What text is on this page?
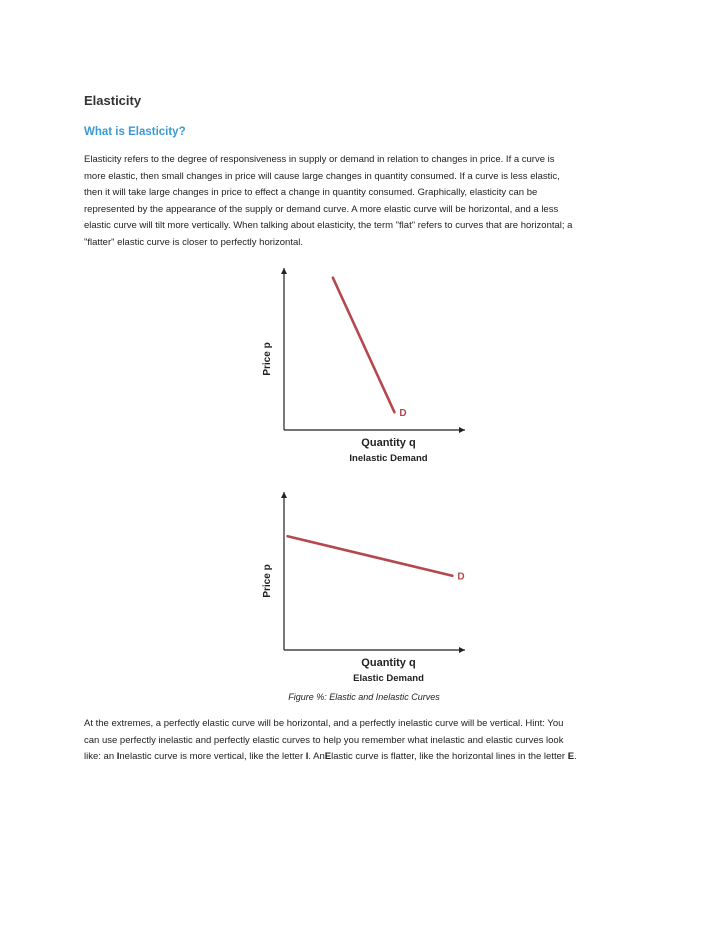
Elasticity
What is Elasticity?
Elasticity refers to the degree of responsiveness in supply or demand in relation to changes in price. If a curve is
more elastic, then small changes in price will cause large changes in quantity consumed. If a curve is less elastic,
then it will take large changes in price to effect a change in quantity consumed. Graphically, elasticity can be
represented by the appearance of the supply or demand curve. A more elastic curve will be horizontal, and a less
elastic curve will tilt more vertically. When talking about elasticity, the term "flat" refers to curves that are horizontal; a
"flatter" elastic curve is closer to perfectly horizontal.
Price p
Quantity q
Inelastic Demand
D
Price p
Quantity q
Elastic Demand
D
Figure %: Elastic and Inelastic Curves
At the extremes, a perfectly elastic curve will be horizontal, and a perfectly inelastic curve will be vertical. Hint: You
can use perfectly inelastic and perfectly elastic curves to help you remember what inelastic and elastic curves look
like: an Inelastic curve is more vertical, like the letter I. AnElastic curve is flatter, like the horizontal lines in the letter E.
